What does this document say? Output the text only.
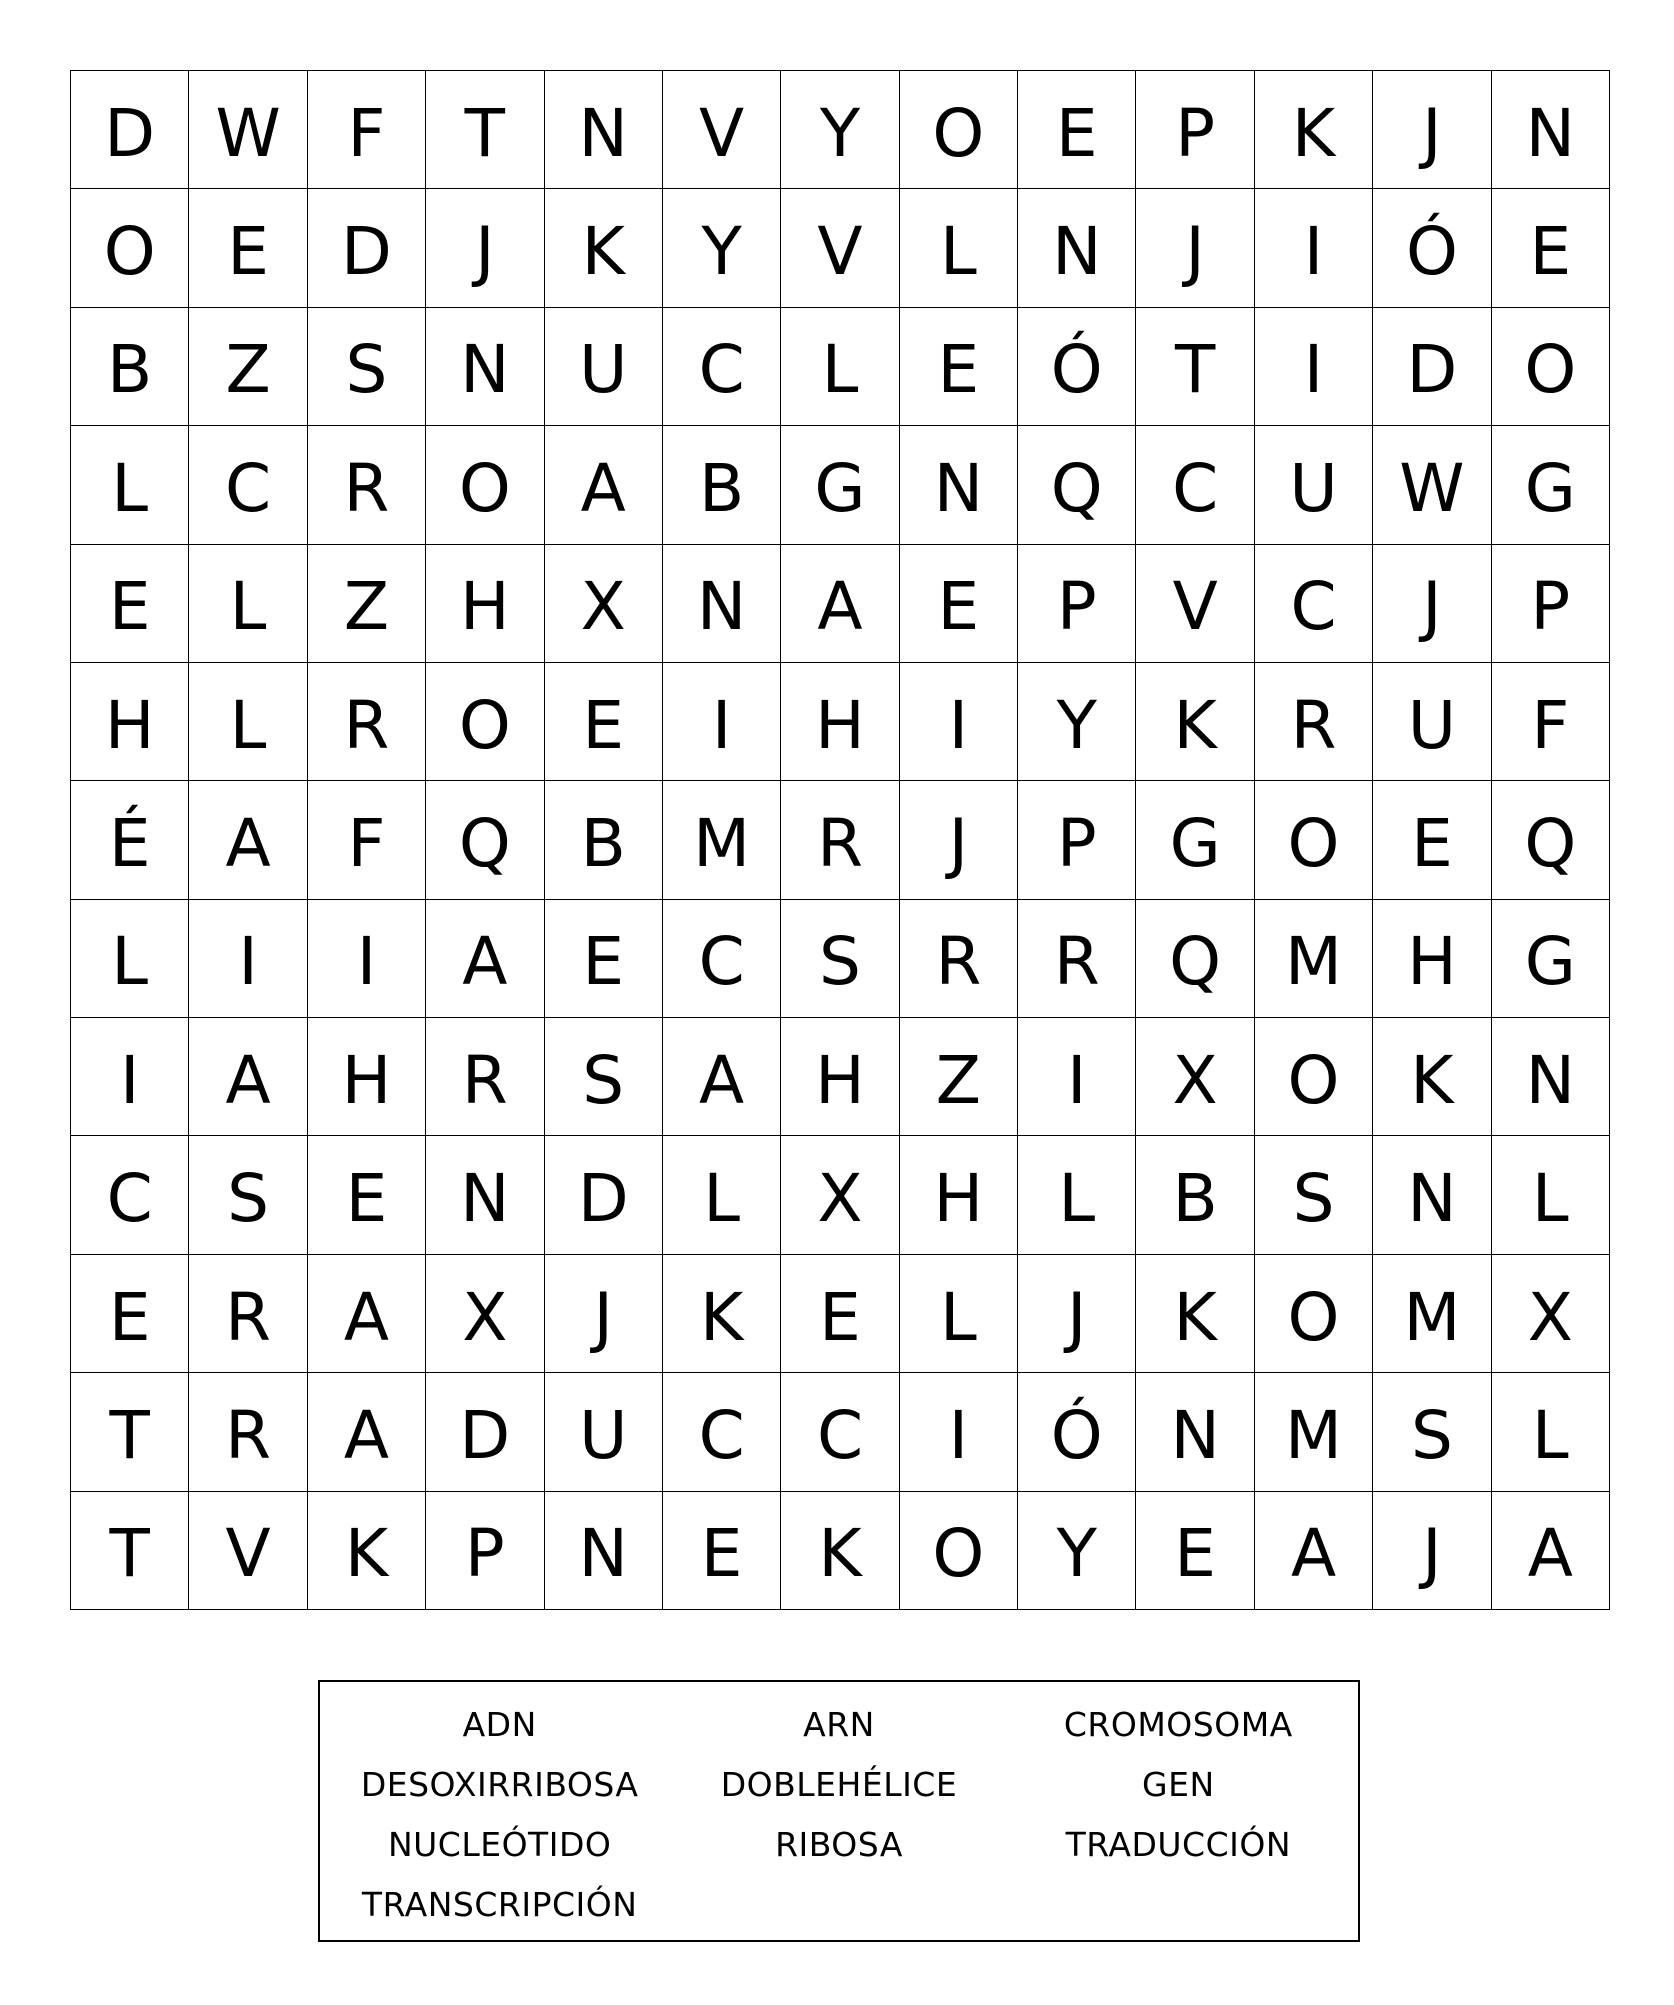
D W	F	T	N	V	Y	O	E	P	K	J	N
O	E	D	J	K	Y	V	L	N	J	I	Ó	E
B	Z	S	N	U	C	L	E	Ó	T	I	D	O
L	C	R	O	A	B	G	N	Q	C	U W G
E	L	Z	H	X	N	A	E	P	V	C	J	P
H	L	R	O	E	I	H	I	Y	K	R	U	F
É	A	F	Q	B	M	R	J	P	G	O	E	Q
L	I	I	A	E	C	S	R	R	Q M H	G
I	A	H	R	S	A	H	Z	I	X	O	K	N
C	S	E	N	D	L	X	H	L	B	S	N	L
E	R	A	X	J	K	E	L	J	K	O M	X
T	R	A	D	U	C	C	I	Ó	N M	S	L
T	V	K	P	N	E	K	O	Y	E	A	J	A
ADN	ARN	CROMOSOMA
DESOXIRRIBOSA	DOBLEHÉLICE	GEN
NUCLEÓTIDO	RIBOSA	TRADUCCIÓN
TRANSCRIPCIÓN
